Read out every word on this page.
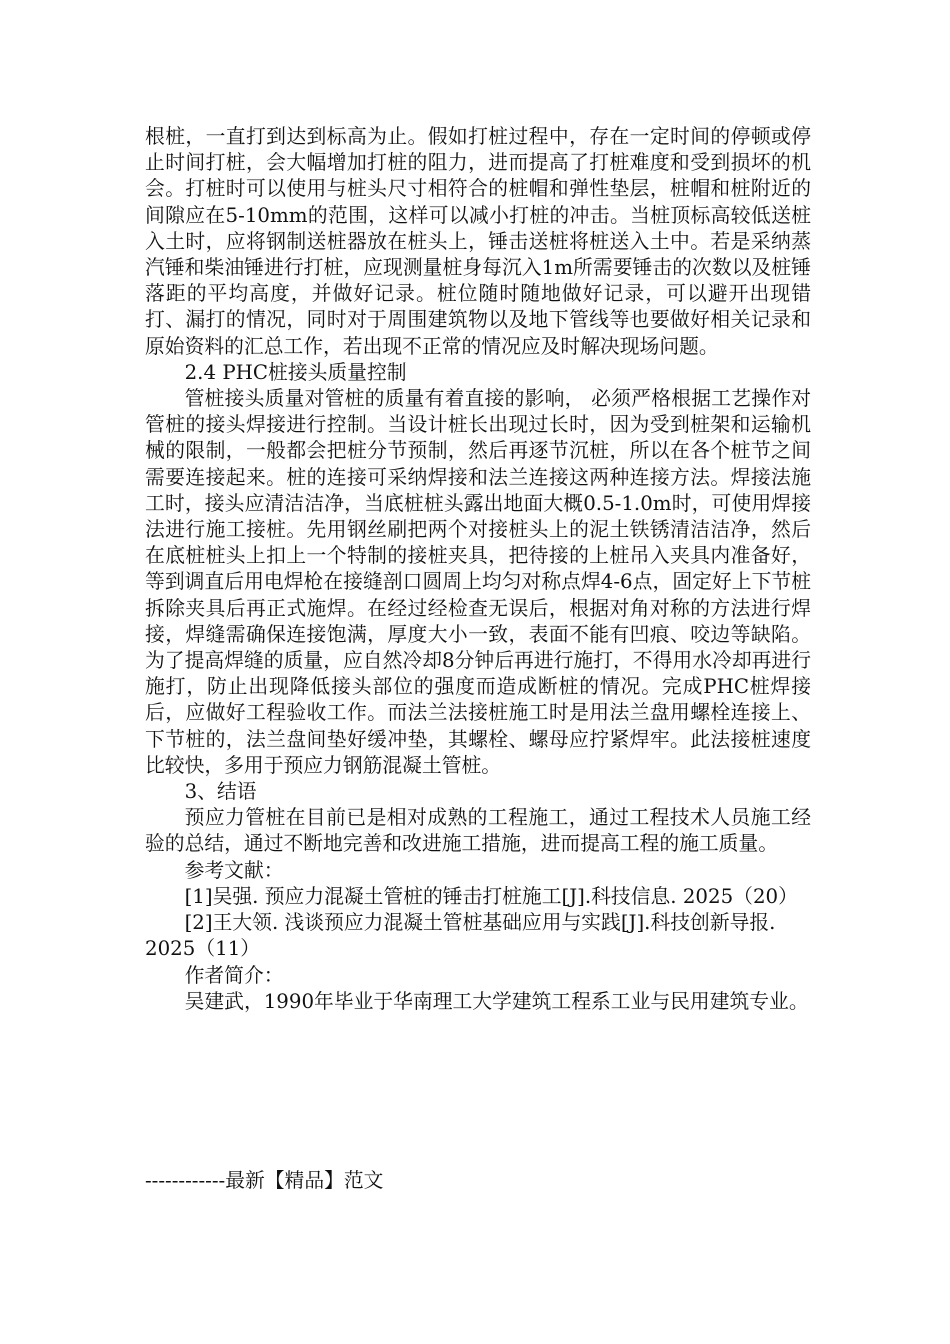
根桩，一直打到达到标高为止。假如打桩过程中，存在一定时间的停顿或停止时间打桩，会大幅增加打桩的阻力，进而提高了打桩难度和受到损坏的机会。打桩时可以使用与桩头尺寸相符合的桩帽和弹性垫层，桩帽和桩附近的间隙应在5-10mm的范围，这样可以减小打桩的冲击。当桩顶标高较低送桩入土时，应将钢制送桩器放在桩头上，锤击送桩将桩送入土中。若是采纳蒸汽锤和柴油锤进行打桩，应现测量桩身每沉入1m所需要锤击的次数以及桩锤落距的平均高度，并做好记录。桩位随时随地做好记录，可以避开出现错打、漏打的情况，同时对于周围建筑物以及地下管线等也要做好相关记录和原始资料的汇总工作，若出现不正常的情况应及时解决现场问题。

2.4 PHC桩接头质量控制

管桩接头质量对管桩的质量有着直接的影响， 必须严格根据工艺操作对管桩的接头焊接进行控制。当设计桩长出现过长时，因为受到桩架和运输机械的限制，一般都会把桩分节预制，然后再逐节沉桩，所以在各个桩节之间需要连接起来。桩的连接可采纳焊接和法兰连接这两种连接方法。焊接法施工时，接头应清洁洁净，当底桩桩头露出地面大概0.5-1.0m时，可使用焊接法进行施工接桩。先用钢丝刷把两个对接桩头上的泥土铁锈清洁洁净，然后在底桩桩头上扣上一个特制的接桩夹具，把待接的上桩吊入夹具内准备好，等到调直后用电焊枪在接缝剖口圆周上均匀对称点焊4-6点，固定好上下节桩拆除夹具后再正式施焊。在经过经检查无误后，根据对角对称的方法进行焊接，焊缝需确保连接饱满，厚度大小一致，表面不能有凹痕、咬边等缺陷。为了提高焊缝的质量，应自然冷却8分钟后再进行施打，不得用水冷却再进行施打，防止出现降低接头部位的强度而造成断桩的情况。完成PHC桩焊接后，应做好工程验收工作。而法兰法接桩施工时是用法兰盘用螺栓连接上、下节桩的，法兰盘间垫好缓冲垫，其螺栓、螺母应拧紧焊牢。此法接桩速度比较快，多用于预应力钢筋混凝土管桩。

3、结语

预应力管桩在目前已是相对成熟的工程施工，通过工程技术人员施工经验的总结，通过不断地完善和改进施工措施，进而提高工程的施工质量。

参考文献：

[1]吴强. 预应力混凝土管桩的锤击打桩施工[J].科技信息. 2025（20）

[2]王大领. 浅谈预应力混凝土管桩基础应用与实践[J].科技创新导报. 2025（11）

作者简介：

吴建武，1990年毕业于华南理工大学建筑工程系工业与民用建筑专业。

------------最新【精品】范文
